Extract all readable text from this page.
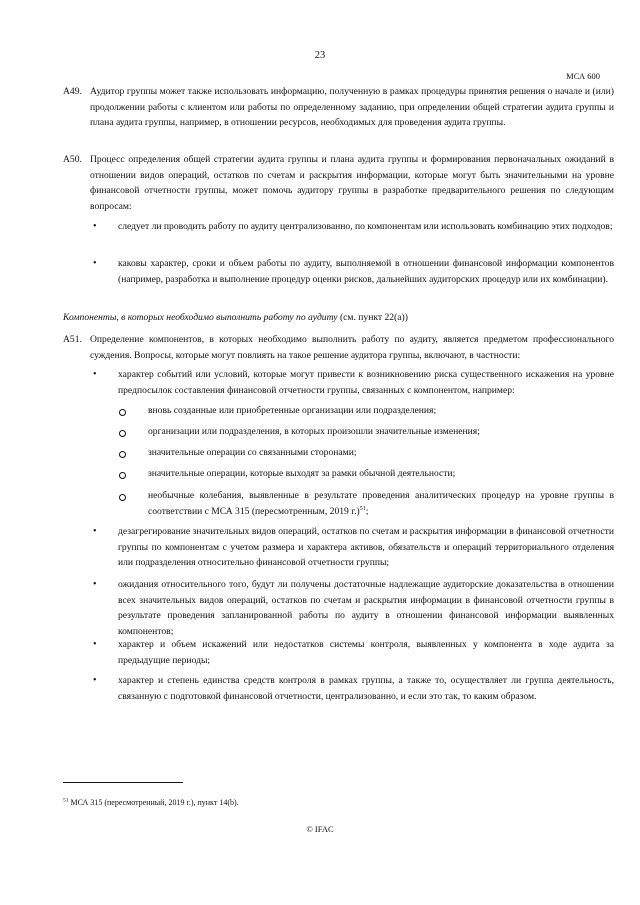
23
МСА 600
A49. Аудитор группы может также использовать информацию, полученную в рамках процедуры принятия решения о начале и (или) продолжении работы с клиентом или работы по определенному заданию, при определении общей стратегии аудита группы и плана аудита группы, например, в отношении ресурсов, необходимых для проведения аудита группы.
A50. Процесс определения общей стратегии аудита группы и плана аудита группы и формирования первоначальных ожиданий в отношении видов операций, остатков по счетам и раскрытия информации, которые могут быть значительными на уровне финансовой отчетности группы, может помочь аудитору группы в разработке предварительного решения по следующим вопросам:
• следует ли проводить работу по аудиту централизованно, по компонентам или использовать комбинацию этих подходов;
• каковы характер, сроки и объем работы по аудиту, выполняемой в отношении финансовой информации компонентов (например, разработка и выполнение процедур оценки рисков, дальнейших аудиторских процедур или их комбинации).
Компоненты, в которых необходимо выполнить работу по аудиту (см. пункт 22(а))
A51. Определение компонентов, в которых необходимо выполнить работу по аудиту, является предметом профессионального суждения. Вопросы, которые могут повлиять на такое решение аудитора группы, включают, в частности:
• характер событий или условий, которые могут привести к возникновению риска существенного искажения на уровне предпосылок составления финансовой отчетности группы, связанных с компонентом, например:
вновь созданные или приобретенные организации или подразделения;
организации или подразделения, в которых произошли значительные изменения;
значительные операции со связанными сторонами;
значительные операции, которые выходят за рамки обычной деятельности;
необычные колебания, выявленные в результате проведения аналитических процедур на уровне группы в соответствии с МСА 315 (пересмотренным, 2019 г.)$^{51}$;
• дезагрегирование значительных видов операций, остатков по счетам и раскрытия информации в финансовой отчетности группы по компонентам с учетом размера и характера активов, обязательств и операций территориального отделения или подразделения относительно финансовой отчетности группы;
• ожидания относительного того, будут ли получены достаточные надлежащие аудиторские доказательства в отношении всех значительных видов операций, остатков по счетам и раскрытия информации в финансовой отчетности группы в результате проведения запланированной работы по аудиту в отношении финансовой информации выявленных компонентов;
• характер и объем искажений или недостатков системы контроля, выявленных у компонента в ходе аудита за предыдущие периоды;
• характер и степень единства средств контроля в рамках группы, а также то, осуществляет ли группа деятельность, связанную с подготовкой финансовой отчетности, централизованно, и если это так, то каким образом.
$^{51}$ МСА 315 (пересмотренный, 2019 г.), пункт 14(b).
© IFAC
